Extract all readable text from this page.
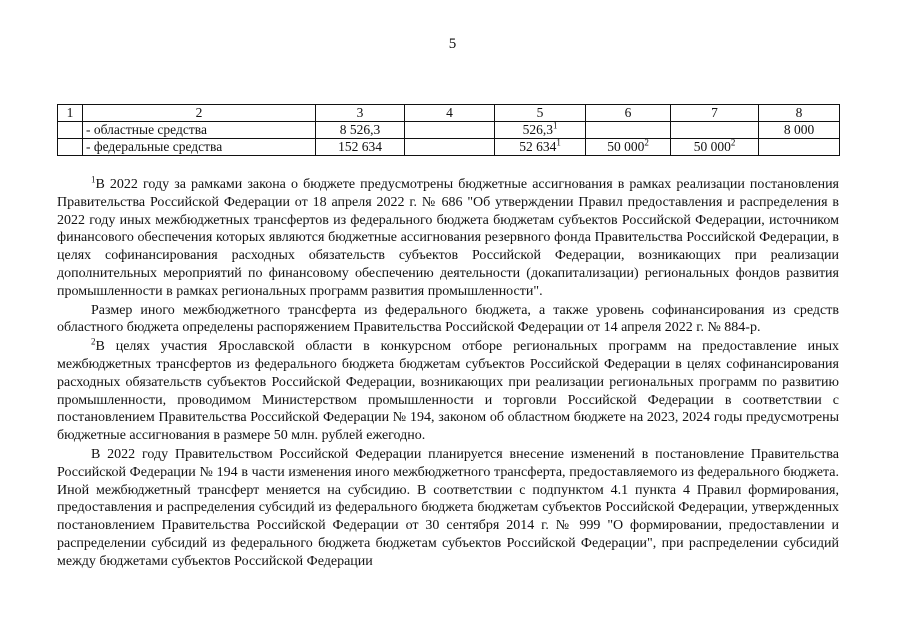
5
1	2	3	4	5	6	7	8
	- областные средства	8 526,3		526,3$^1$			8 000
	- федеральные средства	152 634		52 $634^1$	50 $000^2$	50 $000^2$	

$^1$В 2022 году за рамками закона о бюджете предусмотрены бюджетные ассигнования в рамках реализации постановления Правительства Российской Федерации от 18 апреля 2022 г. № 686 "Об утверждении Правил предоставления и распределения в 2022 году иных межбюджетных трансфертов из федерального бюджета бюджетам субъектов Российской Федерации, источником финансового обеспечения которых являются бюджетные ассигнования резервного фонда Правительства Российской Федерации, в целях софинансирования расходных обязательств субъектов Российской Федерации, возникающих при реализации дополнительных мероприятий по финансовому обеспечению деятельности (докапитализации) региональных фондов развития промышленности в рамках региональных программ развития промышленности".

Размер иного межбюджетного трансферта из федерального бюджета, а также уровень софинансирования из средств областного бюджета определены распоряжением Правительства Российской Федерации от 14 апреля 2022 г. № 884-р.

$^2$В целях участия Ярославской области в конкурсном отборе региональных программ на предоставление иных межбюджетных трансфертов из федерального бюджета бюджетам субъектов Российской Федерации в целях софинансирования расходных обязательств субъектов Российской Федерации, возникающих при реализации региональных программ по развитию промышленности, проводимом Министерством промышленности и торговли Российской Федерации в соответствии с постановлением Правительства Российской Федерации № 194, законом об областном бюджете на 2023, 2024 годы предусмотрены бюджетные ассигнования в размере 50 млн. рублей ежегодно.

В 2022 году Правительством Российской Федерации планируется внесение изменений в постановление Правительства Российской Федерации № 194 в части изменения иного межбюджетного трансферта, предоставляемого из федерального бюджета. Иной межбюджетный трансферт меняется на субсидию. В соответствии с подпунктом 4.1 пункта 4 Правил формирования, предоставления и распределения субсидий из федерального бюджета бюджетам субъектов Российской Федерации, утвержденных постановлением Правительства Российской Федерации от 30 сентября 2014 г. № 999 "О формировании, предоставлении и распределении субсидий из федерального бюджета бюджетам субъектов Российской Федерации", при распределении субсидий между бюджетами субъектов Российской Федерации
